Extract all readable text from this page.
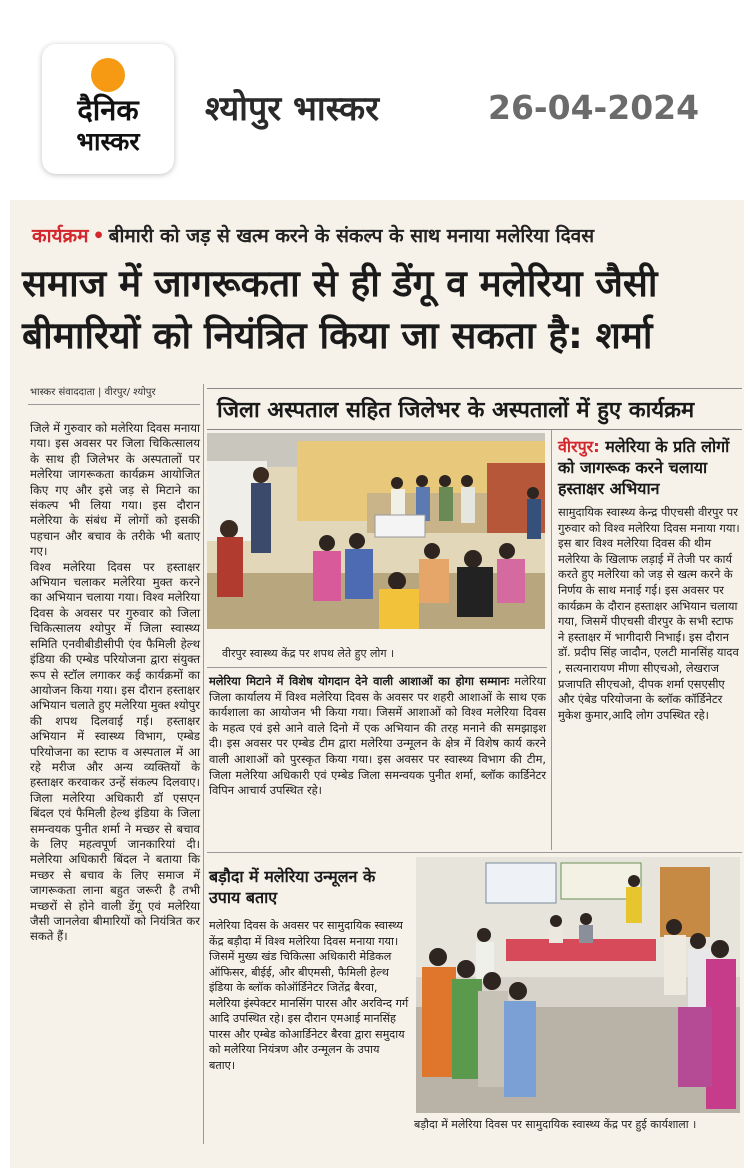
दैनिक
भास्कर
श्योपुर भास्कर	26-04-2024
कार्यक्रम • बीमारी को जड़ से खत्म करने के संकल्प के साथ मनाया मलेरिया दिवस
समाज में जागरूकता से ही डेंगू व मलेरिया जैसी
बीमारियों को नियंत्रित किया जा सकता है: शर्मा
भास्कर संवाददाता | वीरपुर/ श्योपुर

जिले में गुरुवार को मलेरिया दिवस मनाया गया। इस अवसर पर जिला चिकित्सालय के साथ ही जिलेभर के अस्पतालों पर मलेरिया जागरूकता कार्यक्रम आयोजित किए गए और इसे जड़ से मिटाने का संकल्प भी लिया गया। इस दौरान मलेरिया के संबंध में लोगों को इसकी पहचान और बचाव के तरीके भी बताए गए।

विश्व मलेरिया दिवस पर हस्ताक्षर अभियान चलाकर मलेरिया मुक्त करने का अभियान चलाया गया। विश्व मलेरिया दिवस के अवसर पर गुरुवार को जिला चिकित्सालय श्योपुर में जिला स्वास्थ्य समिति एनवीबीडीसीपी एंव फैमिली हेल्थ इंडिया की एम्बेड परियोजना द्वारा संयुक्त रूप से स्टॉल लगाकर कई कार्यक्रमों का आयोजन किया गया। इस दौरान हस्ताक्षर अभियान चलाते हुए मलेरिया मुक्त श्योपुर की शपथ दिलवाई गई। हस्ताक्षर अभियान में स्वास्थ्य विभाग, एम्बेड परियोजना का स्टाफ व अस्पताल में आ रहे मरीज और अन्य व्यक्तियों के हस्ताक्षर करवाकर उन्हें संकल्प दिलवाए। जिला मलेरिया अधिकारी डॉ एसएन बिंदल एवं फैमिली हेल्थ इंडिया के जिला समन्वयक पुनीत शर्मा ने मच्छर से बचाव के लिए महत्वपूर्ण जानकारियां दी। मलेरिया अधिकारी बिंदल ने बताया कि मच्छर से बचाव के लिए समाज में जागरूकता लाना बहुत जरूरी है तभी मच्छरों से होने वाली डेंगू एवं मलेरिया जैसी जानलेवा बीमारियों को नियंत्रित कर सकते हैं।

जिला अस्पताल सहित जिलेभर के अस्पतालों में हुए कार्यक्रम
वीरपुर स्वास्थ्य केंद्र पर शपथ लेते हुए लोग ।
मलेरिया मिटाने में विशेष योगदान देने वाली आशाओं का होगा सम्मानः मलेरिया जिला कार्यालय में विश्व मलेरिया दिवस के अवसर पर शहरी आशाओं के साथ एक कार्यशाला का आयोजन भी किया गया। जिसमें आशाओं को विश्व मलेरिया दिवस के महत्व एवं इसे आने वाले दिनो में एक अभियान की तरह मनाने की समझाइश दी। इस अवसर पर एम्बेड टीम द्वारा मलेरिया उन्मूलन के क्षेत्र में विशेष कार्य करने वाली आशाओं को पुरस्कृत किया गया। इस अवसर पर स्वास्थ्य विभाग की टीम, जिला मलेरिया अधिकारी एवं एम्बेड जिला समन्वयक पुनीत शर्मा, ब्लॉक कार्डिनेटर विपिन आचार्य उपस्थित रहे।
वीरपुर: मलेरिया के प्रति लोगों को जागरूक करने चलाया हस्ताक्षर अभियान
सामुदायिक स्वास्थ्य केन्द्र पीएचसी वीरपुर पर गुरुवार को विश्व मलेरिया दिवस मनाया गया। इस बार विश्व मलेरिया दिवस की थीम मलेरिया के खिलाफ लड़ाई में तेजी पर कार्य करते हुए मलेरिया को जड़ से खत्म करने के निर्णय के साथ मनाई गई। इस अवसर पर कार्यक्रम के दौरान हस्ताक्षर अभियान चलाया गया, जिसमें पीएचसी वीरपुर के सभी स्टाफ ने हस्ताक्षर में भागीदारी निभाई। इस दौरान डॉ. प्रदीप सिंह जादौन, एलटी मानसिंह यादव , सत्यनारायण मीणा सीएचओ, लेखराज प्रजापति सीएचओ, दीपक शर्मा एसएसीए और एंबेड परियोजना के ब्लॉक कॉर्डिनेटर मुकेश कुमार,आदि लोग उपस्थित रहे।
बड़ौदा में मलेरिया उन्मूलन के उपाय बताए
मलेरिया दिवस के अवसर पर सामुदायिक स्वास्थ्य केंद्र बड़ौदा में विश्व मलेरिया दिवस मनाया गया। जिसमें मुख्य खंड चिकित्सा अधिकारी मेडिकल ऑफिसर, बीईई, और बीएमसी, फैमिली हेल्थ इंडिया के ब्लॉक कोऑर्डिनेटर जितेंद्र बैरवा, मलेरिया इंस्पेक्टर मानसिंग पारस और अरविन्द गर्ग आदि उपस्थित रहे। इस दौरान एमआई मानसिंह पारस और एम्बेड कोआर्डिनेटर बैरवा द्वारा समुदाय को मलेरिया नियंत्रण और उन्मूलन के उपाय बताए।
बड़ौदा में मलेरिया दिवस पर सामुदायिक स्वास्थ्य केंद्र पर हुई कार्यशाला ।
